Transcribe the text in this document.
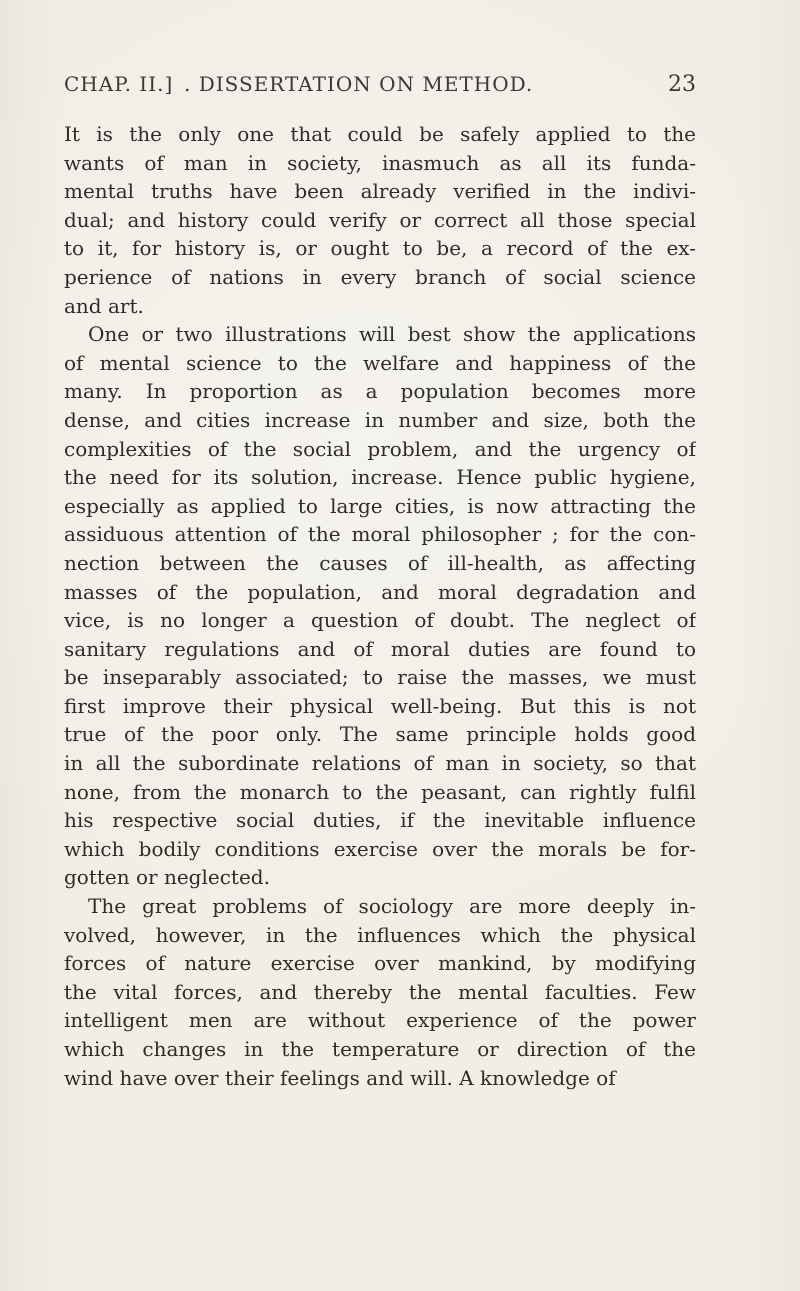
CHAP. II.] . DISSERTATION ON METHOD.	23
It is the only one that could be safely applied to the
wants of man in society, inasmuch as all its funda-
mental truths have been already verified in the indivi-
dual; and history could verify or correct all those special
to it, for history is, or ought to be, a record of the ex-
perience of nations in every branch of social science
and art.
One or two illustrations will best show the applications
of mental science to the welfare and happiness of the
many. In proportion as a population becomes more
dense, and cities increase in number and size, both the
complexities of the social problem, and the urgency of
the need for its solution, increase. Hence public hygiene,
especially as applied to large cities, is now attracting the
assiduous attention of the moral philosopher ; for the con-
nection between the causes of ill-health, as affecting
masses of the population, and moral degradation and
vice, is no longer a question of doubt. The neglect of
sanitary regulations and of moral duties are found to
be inseparably associated; to raise the masses, we must
first improve their physical well-being. But this is not
true of the poor only. The same principle holds good
in all the subordinate relations of man in society, so that
none, from the monarch to the peasant, can rightly fulfil
his respective social duties, if the inevitable influence
which bodily conditions exercise over the morals be for-
gotten or neglected.
The great problems of sociology are more deeply in-
volved, however, in the influences which the physical
forces of nature exercise over mankind, by modifying
the vital forces, and thereby the mental faculties. Few
intelligent men are without experience of the power
which changes in the temperature or direction of the
wind have over their feelings and will. A knowledge of
